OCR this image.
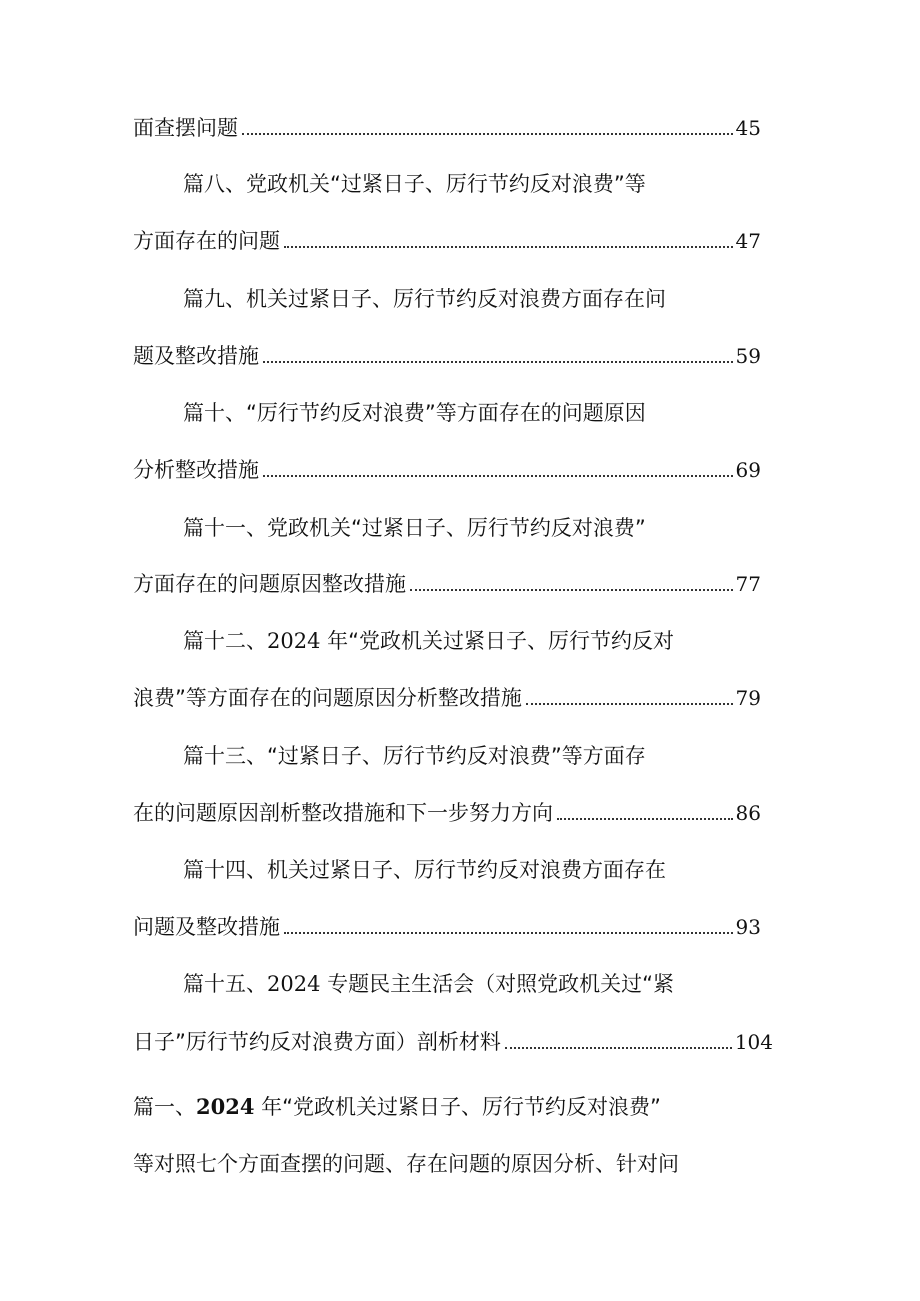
面查摆问题	45
篇八、党政机关“过紧日子、厉行节约反对浪费”等
方面存在的问题	47
篇九、机关过紧日子、厉行节约反对浪费方面存在问
题及整改措施	59
篇十、“厉行节约反对浪费”等方面存在的问题原因
分析整改措施	69
篇十一、党政机关“过紧日子、厉行节约反对浪费”
方面存在的问题原因整改措施	77
篇十二、2024 年“党政机关过紧日子、厉行节约反对
浪费”等方面存在的问题原因分析整改措施	79
篇十三、“过紧日子、厉行节约反对浪费”等方面存
在的问题原因剖析整改措施和下一步努力方向	86
篇十四、机关过紧日子、厉行节约反对浪费方面存在
问题及整改措施	93
篇十五、2024 专题民主生活会（对照党政机关过“紧
日子”厉行节约反对浪费方面）剖析材料	104
篇一、2024 年“党政机关过紧日子、厉行节约反对浪费”
等对照七个方面查摆的问题、存在问题的原因分析、针对问
